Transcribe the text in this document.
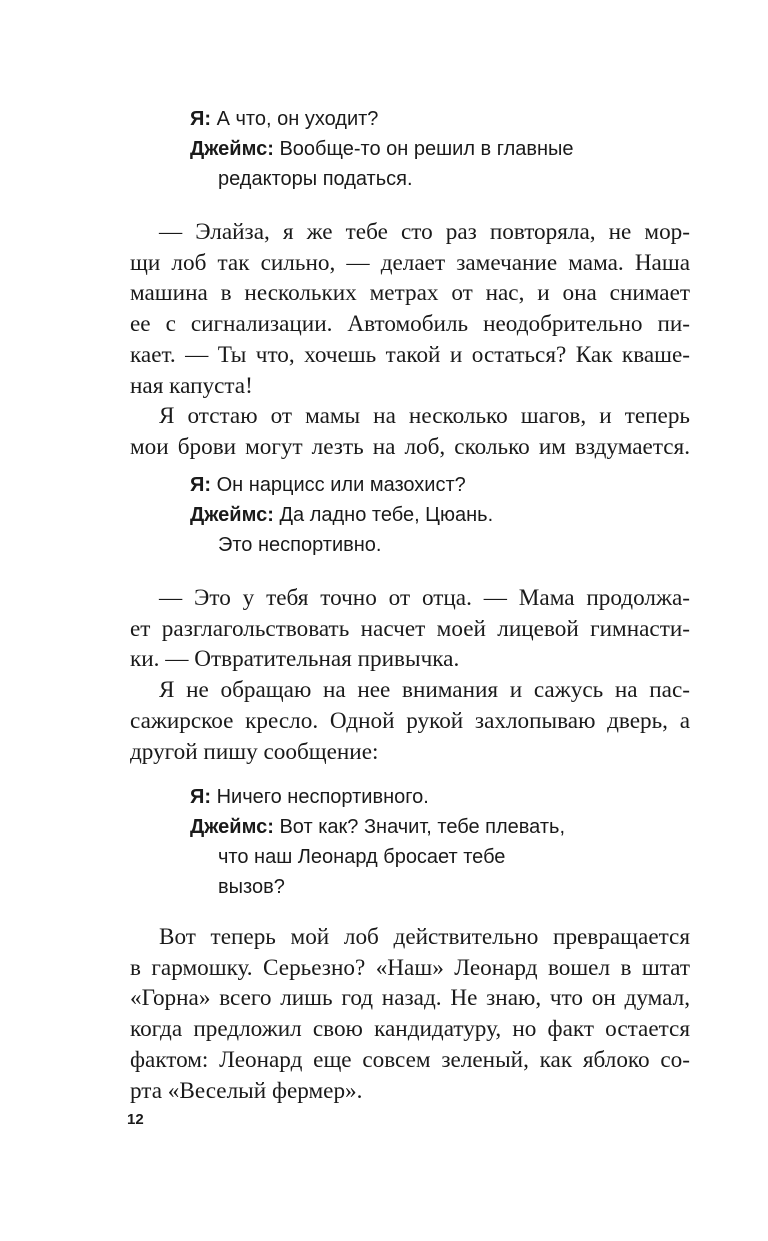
Я: А что, он уходит?

Джеймс: Вообще-то он решил в главные

редакторы податься.

— Элайза, я же тебе сто раз повторяла, не мор-
щи лоб так сильно, — делает замечание мама. Наша
машина в нескольких метрах от нас, и она снимает
ее с сигнализации. Автомобиль неодобрительно пи-
кает. — Ты что, хочешь такой и остаться? Как кваше-
ная капуста!
Я отстаю от мамы на несколько шагов, и теперь
мои брови могут лезть на лоб, сколько им вздумается.

Я: Он нарцисс или мазохист?

Джеймс: Да ладно тебе, Цюань.

Это неспортивно.

— Это у тебя точно от отца. — Мама продолжа-
ет разглагольствовать насчет моей лицевой гимнасти-
ки. — Отвратительная привычка.
Я не обращаю на нее внимания и сажусь на пас-
сажирское кресло. Одной рукой захлопываю дверь, а
другой пишу сообщение:

Я: Ничего неспортивного.

Джеймс: Вот как? Значит, тебе плевать,

что наш Леонард бросает тебе

вызов?

Вот теперь мой лоб действительно превращается
в гармошку. Серьезно? «Наш» Леонард вошел в штат
«Горна» всего лишь год назад. Не знаю, что он думал,
когда предложил свою кандидатуру, но факт остается
фактом: Леонард еще совсем зеленый, как яблоко со-
рта «Веселый фермер».
12
